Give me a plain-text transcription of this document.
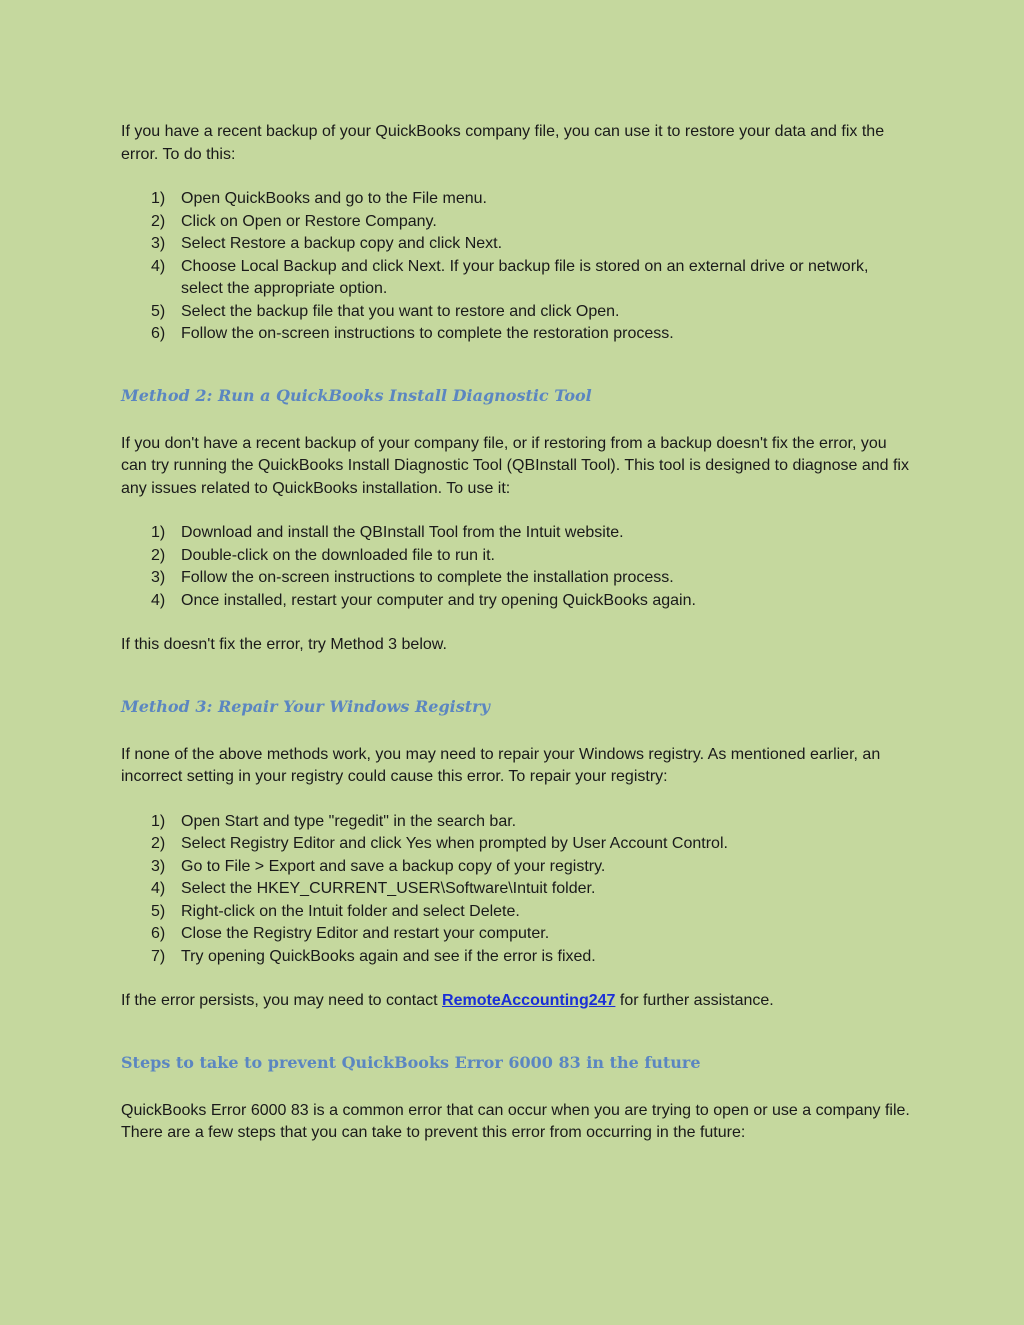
If you have a recent backup of your QuickBooks company file, you can use it to restore your data and fix the error. To do this:

1) Open QuickBooks and go to the File menu.
2) Click on Open or Restore Company.
3) Select Restore a backup copy and click Next.
4) Choose Local Backup and click Next. If your backup file is stored on an external drive or network, select the appropriate option.
5) Select the backup file that you want to restore and click Open.
6) Follow the on-screen instructions to complete the restoration process.
Method 2: Run a QuickBooks Install Diagnostic Tool

If you don't have a recent backup of your company file, or if restoring from a backup doesn't fix the error, you can try running the QuickBooks Install Diagnostic Tool (QBInstall Tool). This tool is designed to diagnose and fix any issues related to QuickBooks installation. To use it:

1) Download and install the QBInstall Tool from the Intuit website.
2) Double-click on the downloaded file to run it.
3) Follow the on-screen instructions to complete the installation process.
4) Once installed, restart your computer and try opening QuickBooks again.

If this doesn't fix the error, try Method 3 below.

Method 3: Repair Your Windows Registry

If none of the above methods work, you may need to repair your Windows registry. As mentioned earlier, an incorrect setting in your registry could cause this error. To repair your registry:

1) Open Start and type "regedit" in the search bar.
2) Select Registry Editor and click Yes when prompted by User Account Control.
3) Go to File > Export and save a backup copy of your registry.
4) Select the HKEY_CURRENT_USER\Software\Intuit folder.
5) Right-click on the Intuit folder and select Delete.
6) Close the Registry Editor and restart your computer.
7) Try opening QuickBooks again and see if the error is fixed.

If the error persists, you may need to contact RemoteAccounting247 for further assistance.

Steps to take to prevent QuickBooks Error 6000 83 in the future

QuickBooks Error 6000 83 is a common error that can occur when you are trying to open or use a company file. There are a few steps that you can take to prevent this error from occurring in the future:
